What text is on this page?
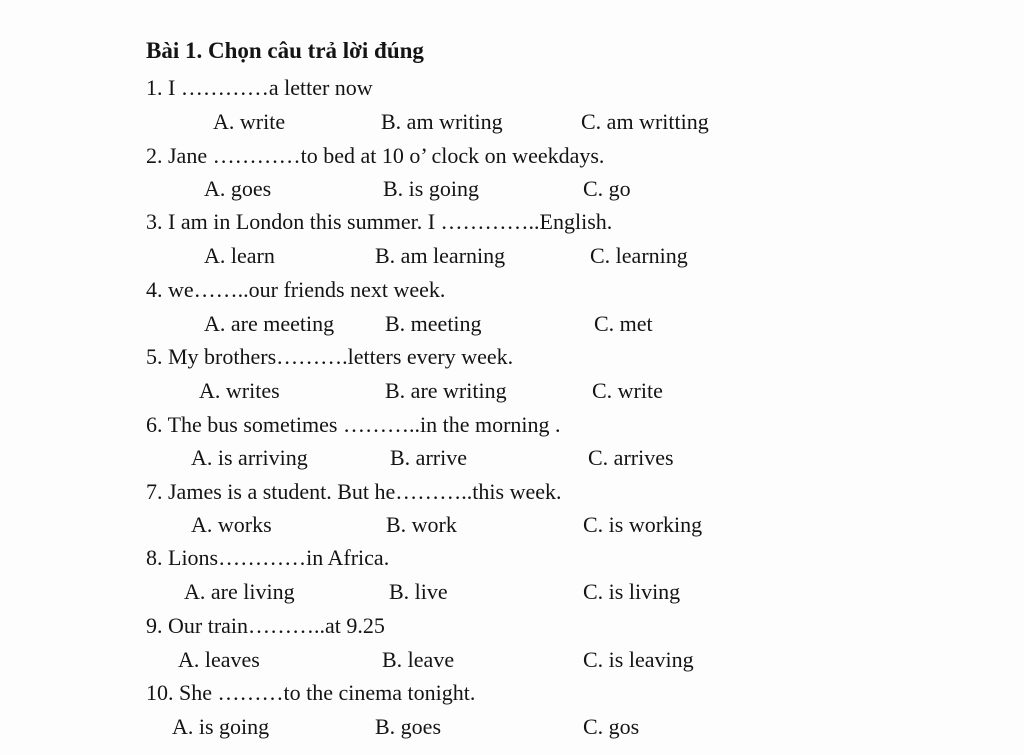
Bài 1. Chọn câu trả lời đúng
1. I …………a letter now
A. write	B. am writing	C. am writting
2. Jane …………to bed at 10 o’ clock on weekdays.
A. goes	B. is going	C. go
3. I am in London this summer. I …………..English.
A. learn	B. am learning	C. learning
4. we……..our friends next week.
A. are meeting B. meeting	C. met
5. My brothers……….letters every week.
A. writes	B. are writing	C. write
6. The bus sometimes ………..in the morning .
A. is arriving	B. arrive	C. arrives
7. James is a student. But he………..this week.
A. works	B. work	C. is working
8. Lions…………in Africa.
A. are living	B. live	C. is living
9. Our train………..at 9.25
A. leaves	B. leave	C. is leaving
10. She ………to the cinema tonight.
A. is going	B. goes	C. gos
